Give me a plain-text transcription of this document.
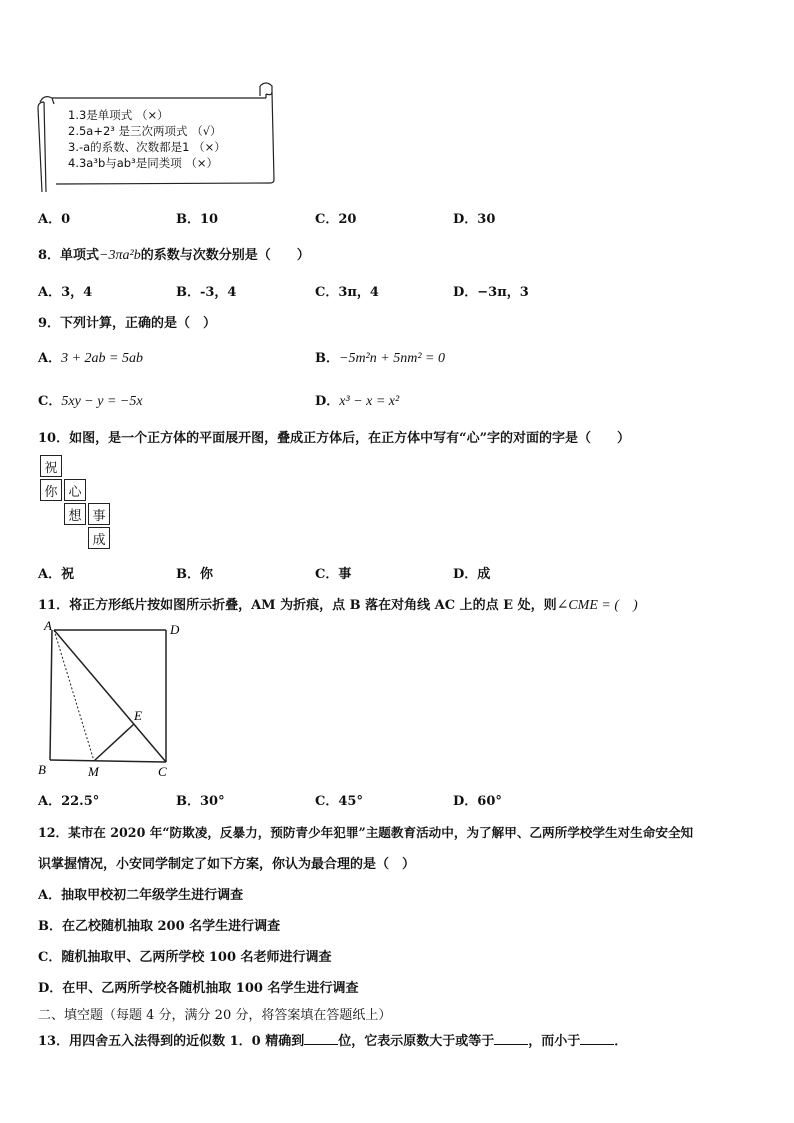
1.3是单项式 （×）
2.5a+2³ 是三次两项式 （√）
3.-a的系数、次数都是1 （×）
4.3a³b与ab³是同类项 （×）
A．0	B．10	C．20	D．30
8．单项式−3πa²b的系数与次数分别是（　　）
A．3，4	B．-3，4	C．3π，4	D．−3π，3
9．下列计算，正确的是（　）
A．3 + 2ab = 5ab	B．−5m²n + 5nm² = 0
C．5xy − y = −5x	D．x³ − x = x²
10．如图，是一个正方体的平面展开图，叠成正方体后，在正方体中写有“心”字的对面的字是（　　）
祝
你 心
想 事
成
A．祝	B．你	C．事	D．成
11．将正方形纸片按如图所示折叠，AM 为折痕，点 B 落在对角线 AC 上的点 E 处，则∠CME = (　)
A	D
B	M	C
E
A．22.5°	B．30°	C．45°	D．60°
12．某市在 2020 年“防欺凌，反暴力，预防青少年犯罪”主题教育活动中，为了解甲、乙两所学校学生对生命安全知
识掌握情况，小安同学制定了如下方案，你认为最合理的是（　）
A．抽取甲校初二年级学生进行调查
B．在乙校随机抽取 200 名学生进行调查
C．随机抽取甲、乙两所学校 100 名老师进行调查
D．在甲、乙两所学校各随机抽取 100 名学生进行调查
二、填空题（每题 4 分，满分 20 分，将答案填在答题纸上）
13．用四舍五入法得到的近似数 1．0 精确到	位，它表示原数大于或等于	，而小于	．
